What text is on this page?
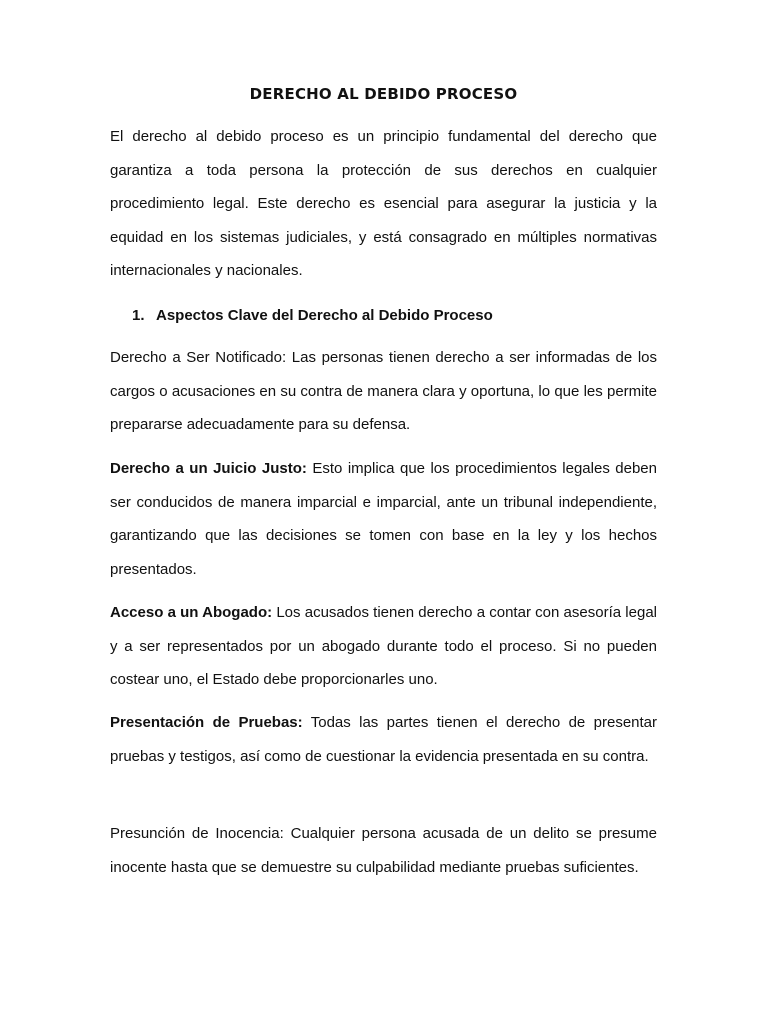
DERECHO AL DEBIDO PROCESO

El derecho al debido proceso es un principio fundamental del derecho que garantiza a toda persona la protección de sus derechos en cualquier procedimiento legal. Este derecho es esencial para asegurar la justicia y la equidad en los sistemas judiciales, y está consagrado en múltiples normativas internacionales y nacionales.

1. Aspectos Clave del Derecho al Debido Proceso

Derecho a Ser Notificado: Las personas tienen derecho a ser informadas de los cargos o acusaciones en su contra de manera clara y oportuna, lo que les permite prepararse adecuadamente para su defensa.

Derecho a un Juicio Justo: Esto implica que los procedimientos legales deben ser conducidos de manera imparcial e imparcial, ante un tribunal independiente, garantizando que las decisiones se tomen con base en la ley y los hechos presentados.

Acceso a un Abogado: Los acusados tienen derecho a contar con asesoría legal y a ser representados por un abogado durante todo el proceso. Si no pueden costear uno, el Estado debe proporcionarles uno.

Presentación de Pruebas: Todas las partes tienen el derecho de presentar pruebas y testigos, así como de cuestionar la evidencia presentada en su contra.

Presunción de Inocencia: Cualquier persona acusada de un delito se presume inocente hasta que se demuestre su culpabilidad mediante pruebas suficientes.
